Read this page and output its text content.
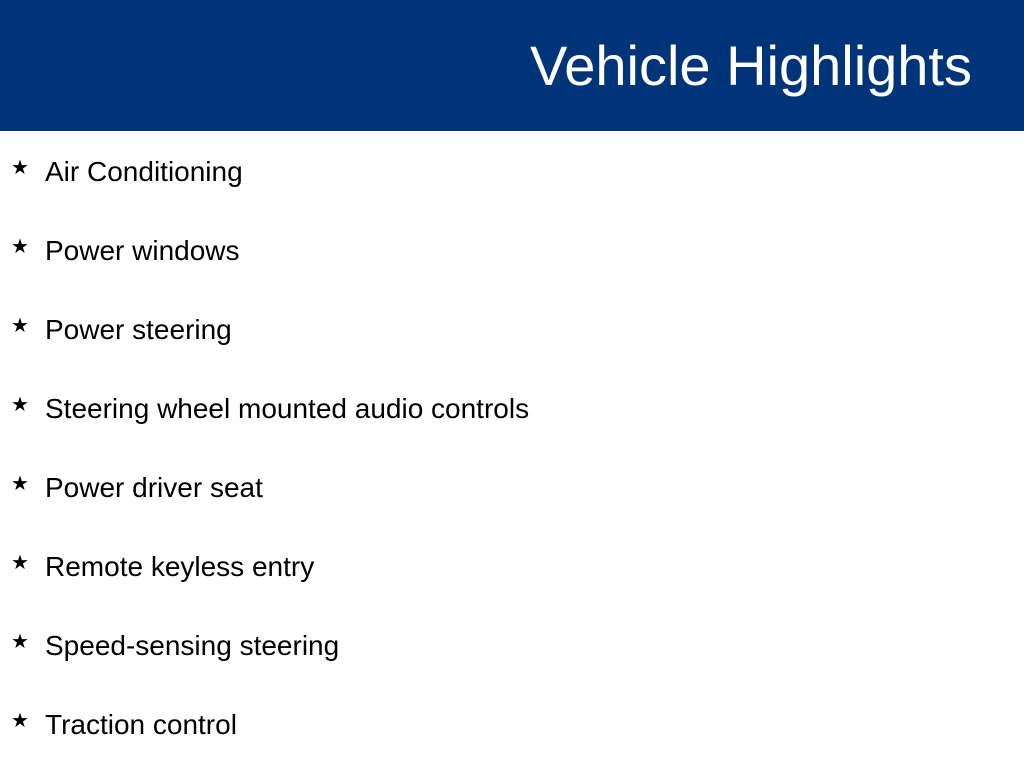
Vehicle Highlights
★ Air Conditioning
★ Power windows
★ Power steering
★ Steering wheel mounted audio controls
★ Power driver seat
★ Remote keyless entry
★ Speed-sensing steering
★ Traction control
